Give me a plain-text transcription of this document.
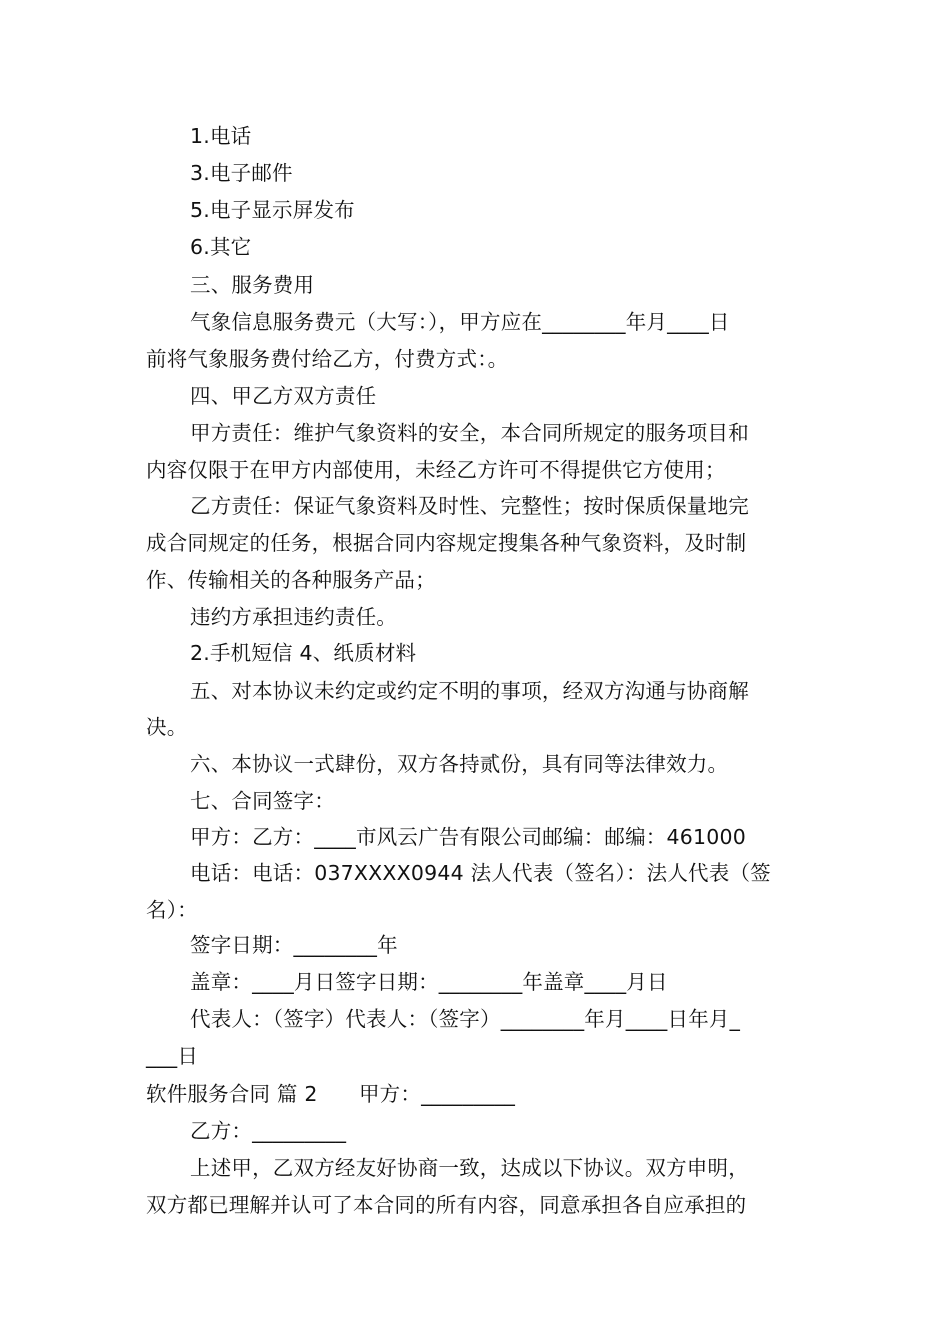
1.电话
3.电子邮件
5.电子显示屏发布
6.其它
三、服务费用
气象信息服务费元（大写：），甲方应在________年月____日
前将气象服务费付给乙方，付费方式：。
四、甲乙方双方责任
甲方责任：维护气象资料的安全，本合同所规定的服务项目和
内容仅限于在甲方内部使用，未经乙方许可不得提供它方使用；
乙方责任：保证气象资料及时性、完整性；按时保质保量地完
成合同规定的任务，根据合同内容规定搜集各种气象资料，及时制
作、传输相关的各种服务产品；
违约方承担违约责任。
2.手机短信 4、纸质材料
五、对本协议未约定或约定不明的事项，经双方沟通与协商解
决。
六、本协议一式肆份，双方各持贰份，具有同等法律效力。
七、合同签字：
甲方：乙方：____市风云广告有限公司邮编：邮编：461000
电话：电话：037XXXX0944 法人代表（签名）：法人代表（签
名）：
签字日期：________年
盖章：____月日签字日期：________年盖章____月日
代表人：（签字）代表人：（签字）________年月____日年月_
___日
软件服务合同 篇 2　　甲方：_________
乙方：_________
上述甲，乙双方经友好协商一致，达成以下协议。双方申明，
双方都已理解并认可了本合同的所有内容，同意承担各自应承担的
